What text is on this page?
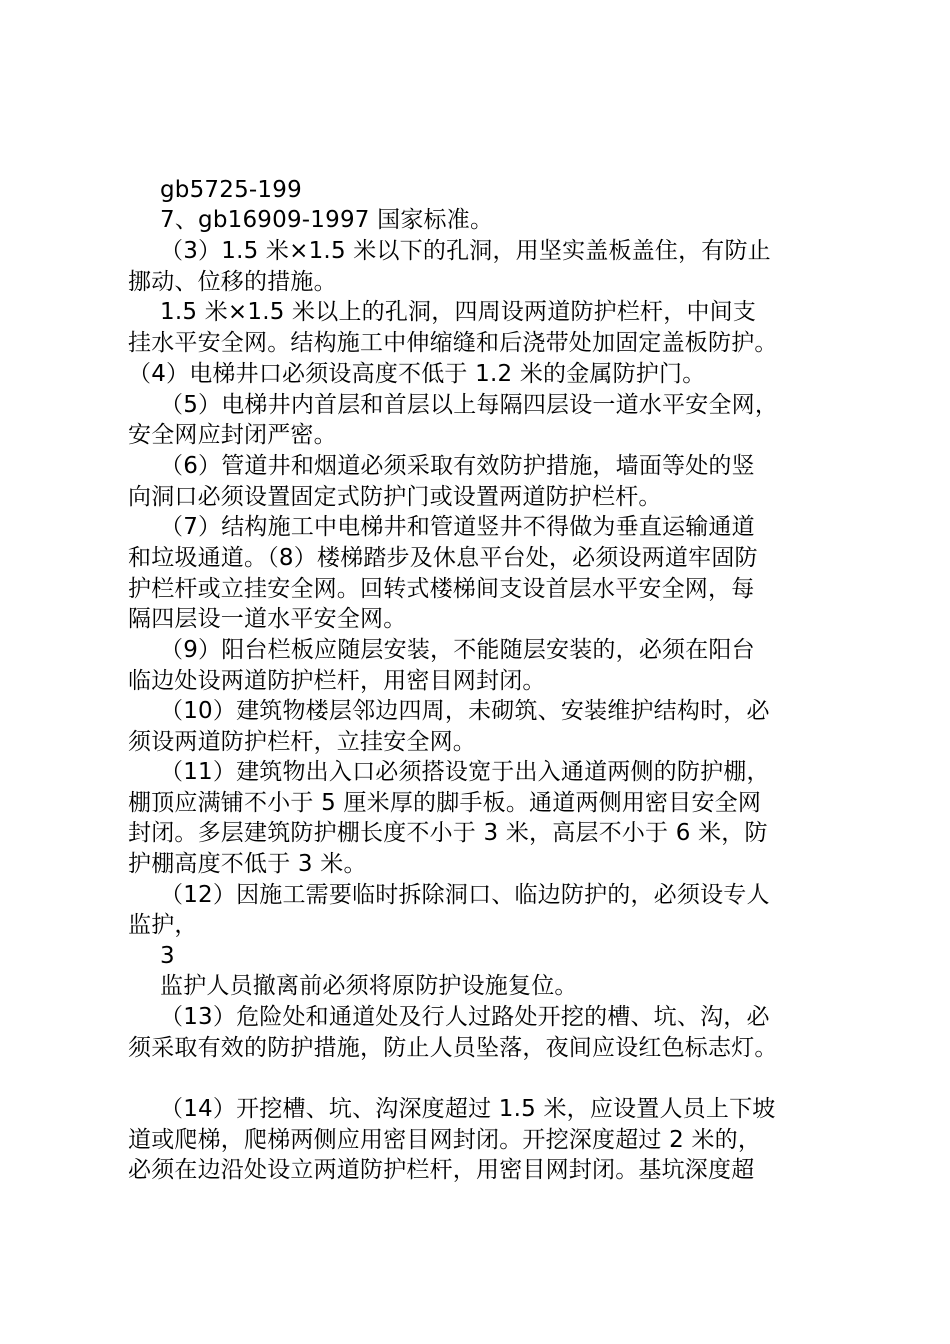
gb5725-199
7、gb16909-1997 国家标准。
（3）1.5 米×1.5 米以下的孔洞，用坚实盖板盖住，有防止
挪动、位移的措施。
1.5 米×1.5 米以上的孔洞，四周设两道防护栏杆，中间支
挂水平安全网。结构施工中伸缩缝和后浇带处加固定盖板防护。
（4）电梯井口必须设高度不低于 1.2 米的金属防护门。
（5）电梯井内首层和首层以上每隔四层设一道水平安全网，
安全网应封闭严密。
（6）管道井和烟道必须采取有效防护措施，墙面等处的竖
向洞口必须设置固定式防护门或设置两道防护栏杆。
（7）结构施工中电梯井和管道竖井不得做为垂直运输通道
和垃圾通道。（8）楼梯踏步及休息平台处，必须设两道牢固防
护栏杆或立挂安全网。回转式楼梯间支设首层水平安全网，每
隔四层设一道水平安全网。
（9）阳台栏板应随层安装，不能随层安装的，必须在阳台
临边处设两道防护栏杆，用密目网封闭。
（10）建筑物楼层邻边四周，未砌筑、安装维护结构时，必
须设两道防护栏杆，立挂安全网。
（11）建筑物出入口必须搭设宽于出入通道两侧的防护棚，
棚顶应满铺不小于 5 厘米厚的脚手板。通道两侧用密目安全网
封闭。多层建筑防护棚长度不小于 3 米，高层不小于 6 米，防
护棚高度不低于 3 米。
（12）因施工需要临时拆除洞口、临边防护的，必须设专人
监护，
3
监护人员撤离前必须将原防护设施复位。
（13）危险处和通道处及行人过路处开挖的槽、坑、沟，必
须采取有效的防护措施，防止人员坠落，夜间应设红色标志灯。
（14）开挖槽、坑、沟深度超过 1.5 米，应设置人员上下坡
道或爬梯，爬梯两侧应用密目网封闭。开挖深度超过 2 米的，
必须在边沿处设立两道防护栏杆，用密目网封闭。基坑深度超
